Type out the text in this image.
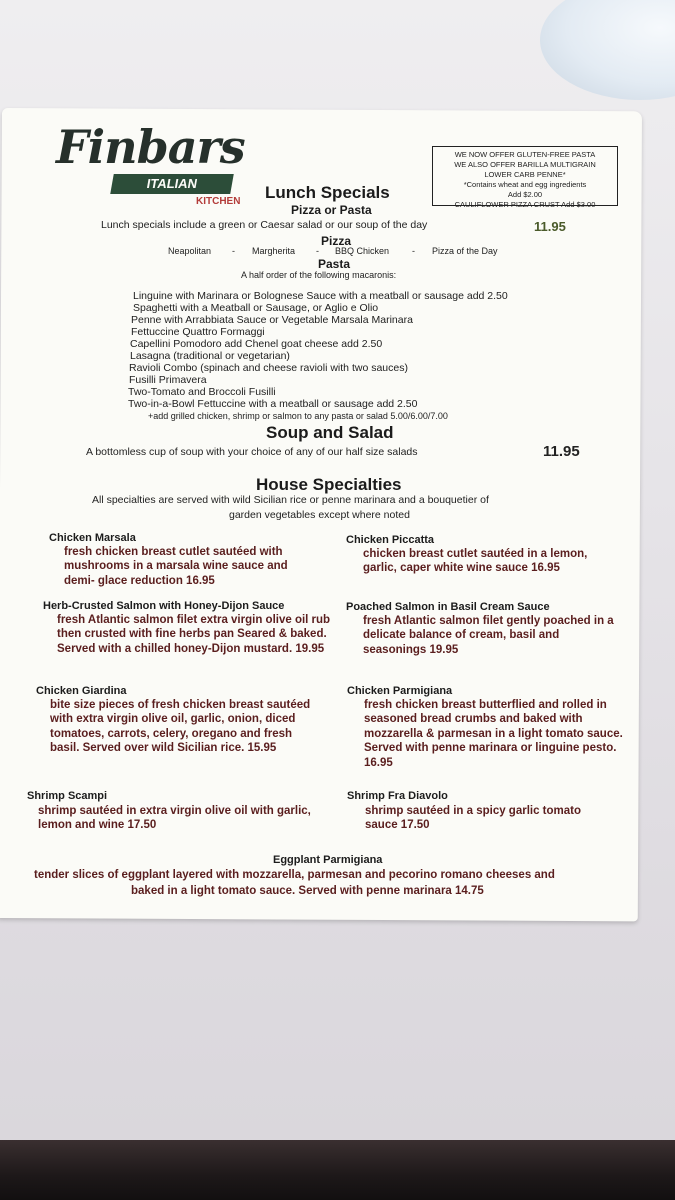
Finbars
ITALIAN
KITCHEN
WE NOW OFFER GLUTEN-FREE PASTA
WE ALSO OFFER BARILLA MULTIGRAIN
LOWER CARB PENNE*
*Contains wheat and egg ingredients
Add $2.00
CAULIFLOWER PIZZA CRUST Add $3.00
Lunch Specials
Pizza or Pasta
Lunch specials include a green or Caesar salad or our soup of the day	11.95
Pizza
Neapolitan - Margherita - BBQ Chicken	- Pizza of the Day
Pasta
A half order of the following macaronis:
Linguine with Marinara or Bolognese Sauce with a meatball or sausage add 2.50
Spaghetti with a Meatball or Sausage, or Aglio e Olio
Penne with Arrabbiata Sauce or Vegetable Marsala Marinara
Fettuccine Quattro Formaggi
Capellini Pomodoro add Chenel goat cheese add 2.50
Lasagna (traditional or vegetarian)
Ravioli Combo (spinach and cheese ravioli with two sauces)
Fusilli Primavera
Two-Tomato and Broccoli Fusilli
Two-in-a-Bowl Fettuccine with a meatball or sausage add 2.50
+add grilled chicken, shrimp or salmon to any pasta or salad 5.00/6.00/7.00
Soup and Salad
A bottomless cup of soup with your choice of any of our half size salads	11.95
House Specialties
All specialties are served with wild Sicilian rice or penne marinara and a bouquetier of
garden vegetables except where noted
Chicken Marsala
fresh chicken breast cutlet sautéed with mushrooms in a marsala wine sauce and demi- glace reduction 16.95
Herb-Crusted Salmon with Honey-Dijon Sauce
fresh Atlantic salmon filet extra virgin olive oil rub then crusted with fine herbs pan Seared & baked. Served with a chilled honey-Dijon mustard. 19.95
Chicken Giardina
bite size pieces of fresh chicken breast sautéed with extra virgin olive oil, garlic, onion, diced tomatoes, carrots, celery, oregano and fresh basil. Served over wild Sicilian rice. 15.95
Shrimp Scampi
shrimp sautéed in extra virgin olive oil with garlic, lemon and wine 17.50
Chicken Piccatta
chicken breast cutlet sautéed in a lemon, garlic, caper white wine sauce 16.95
Poached Salmon in Basil Cream Sauce
fresh Atlantic salmon filet gently poached in a delicate balance of cream, basil and seasonings 19.95
Chicken Parmigiana
fresh chicken breast butterflied and rolled in seasoned bread crumbs and baked with mozzarella & parmesan in a light tomato sauce. Served with penne marinara or linguine pesto. 16.95
Shrimp Fra Diavolo
shrimp sautéed in a spicy garlic tomato sauce 17.50
Eggplant Parmigiana
tender slices of eggplant layered with mozzarella, parmesan and pecorino romano cheeses and
baked in a light tomato sauce. Served with penne marinara 14.75
